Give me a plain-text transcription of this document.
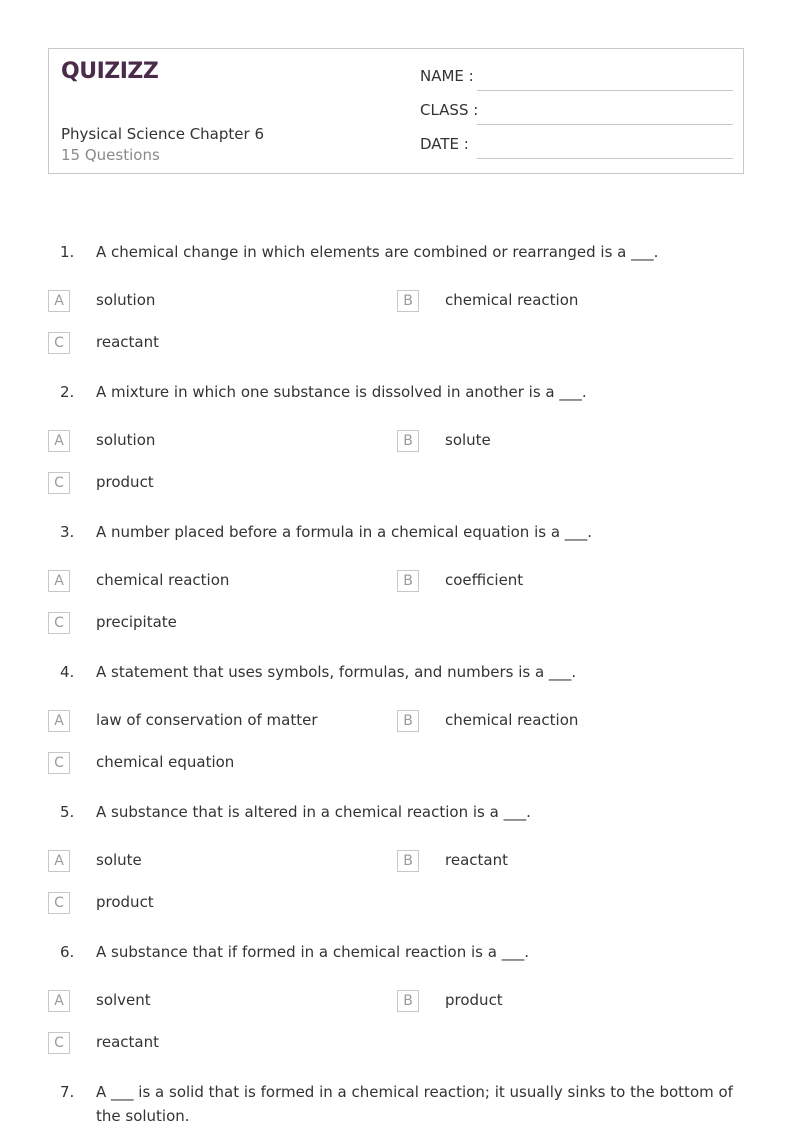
QUIZIZZ
Physical Science Chapter 6
15 Questions
NAME :
CLASS :
DATE :
1. A chemical change in which elements are combined or rearranged is a ___.
A	solution	B	chemical reaction
C	reactant
2. A mixture in which one substance is dissolved in another is a ___.
A	solution	B	solute
C	product
3. A number placed before a formula in a chemical equation is a ___.
A	chemical reaction	B	coefficient
C	precipitate
4. A statement that uses symbols, formulas, and numbers is a ___.
A	law of conservation of matter	B	chemical reaction
C	chemical equation
5. A substance that is altered in a chemical reaction is a ___.
A	solute	B	reactant
C	product
6. A substance that if formed in a chemical reaction is a ___.
A	solvent	B	product
C	reactant
7. A ___ is a solid that is formed in a chemical reaction; it usually sinks to the bottom of the solution.
